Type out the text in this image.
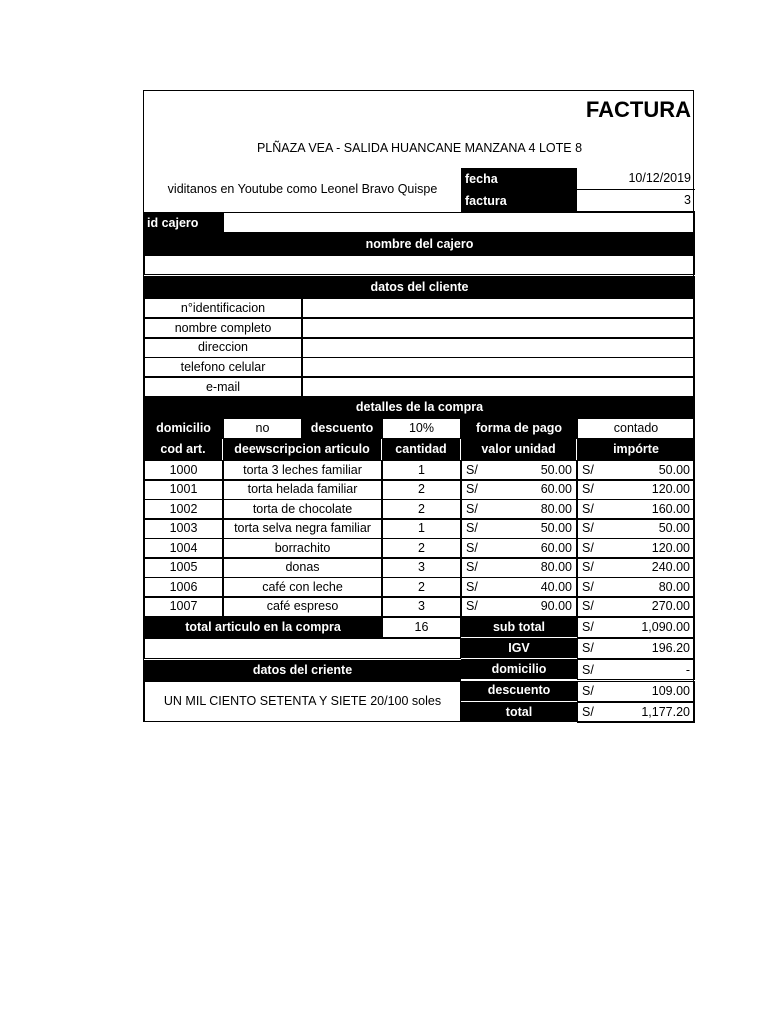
FACTURA
PLÑAZA VEA - SALIDA HUANCANE MANZANA 4 LOTE 8
viditanos en Youtube como Leonel Bravo Quispe
fecha	10/12/2019
factura	3
id cajero
nombre del cajero
datos del cliente
n°identificacion
nombre completo
direccion
telefono celular
e-mail
detalles de la compra
domicilio	no	descuento	10%	forma de pago	contado
cod art.	deewscripcion articulo	cantidad	valor unidad	impórte
1000	torta 3 leches familiar	1	S/	50.00 S/	50.00
1001	torta helada familiar	2	S/	60.00 S/	120.00
1002	torta de chocolate	2	S/	80.00 S/	160.00
1003	torta selva negra familiar	1	S/	50.00 S/	50.00
1004	borrachito	2	S/	60.00 S/	120.00
1005	donas	3	S/	80.00 S/	240.00
1006	café con leche	2	S/	40.00 S/	80.00
1007	café espreso	3	S/	90.00 S/	270.00
total articulo en la compra	16
datos del criente
UN MIL CIENTO SETENTA Y SIETE 20/100 soles
sub total	S/	1,090.00
IGV	S/	196.20
domicilio	S/	-
descuento	S/	109.00
total	S/	1,177.20
